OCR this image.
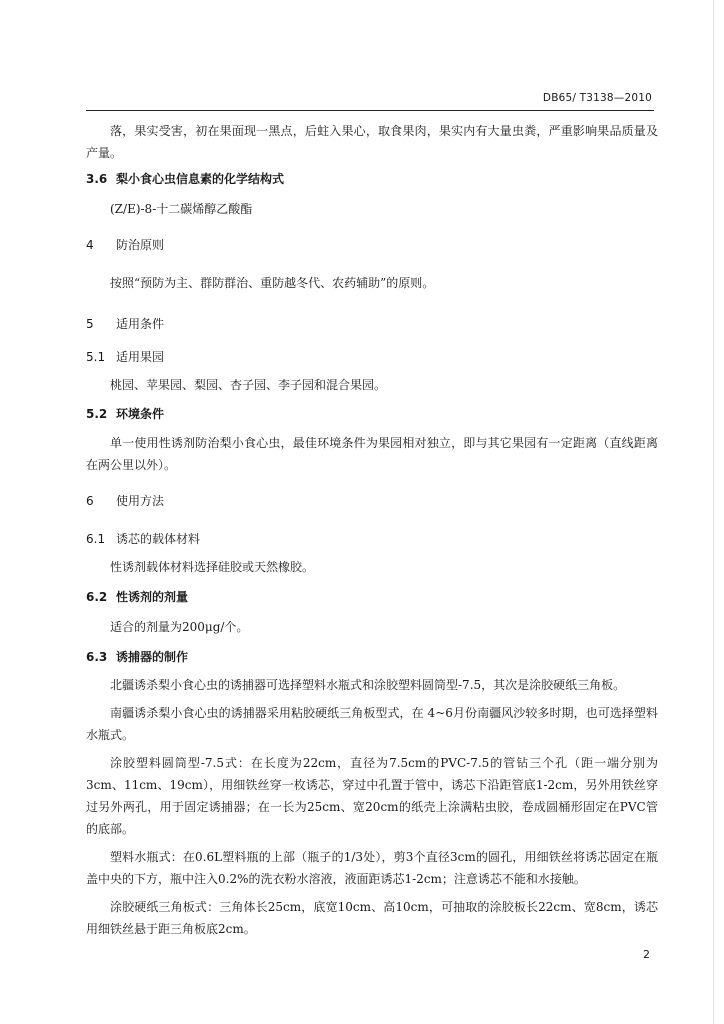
DB65/ T3138—2010
落，果实受害，初在果面现一黑点，后蛀入果心，取食果肉，果实内有大量虫粪，严重影响果品质量及产量。
3.6 梨小食心虫信息素的化学结构式
(Z/E)-8-十二碳烯醇乙酸酯
4 防治原则
按照“预防为主、群防群治、重防越冬代、农药辅助”的原则。
5 适用条件
5.1 适用果园
桃园、苹果园、梨园、杏子园、李子园和混合果园。
5.2 环境条件
单一使用性诱剂防治梨小食心虫，最佳环境条件为果园相对独立，即与其它果园有一定距离（直线距离在两公里以外）。
6 使用方法
6.1 诱芯的载体材料
性诱剂载体材料选择硅胶或天然橡胶。
6.2 性诱剂的剂量
适合的剂量为200μg/个。
6.3 诱捕器的制作
北疆诱杀梨小食心虫的诱捕器可选择塑料水瓶式和涂胶塑料圆筒型-7.5，其次是涂胶硬纸三角板。
南疆诱杀梨小食心虫的诱捕器采用粘胶硬纸三角板型式，在 4~6月份南疆风沙较多时期，也可选择塑料水瓶式。
涂胶塑料圆筒型-7.5式：在长度为22cm，直径为7.5cm的PVC-7.5的管钻三个孔（距一端分别为3cm、11cm、19cm），用细铁丝穿一枚诱芯，穿过中孔置于管中，诱芯下沿距管底1-2cm，另外用铁丝穿过另外两孔，用于固定诱捕器；在一长为25cm、宽20cm的纸壳上涂满粘虫胶，卷成圆桶形固定在PVC管的底部。
塑料水瓶式：在0.6L塑料瓶的上部（瓶子的1/3处），剪3个直径3cm的圆孔，用细铁丝将诱芯固定在瓶盖中央的下方，瓶中注入0.2%的洗衣粉水溶液，液面距诱芯1-2cm；注意诱芯不能和水接触。
涂胶硬纸三角板式：三角体长25cm，底宽10cm、高10cm，可抽取的涂胶板长22cm、宽8cm，诱芯用细铁丝悬于距三角板底2cm。
2
